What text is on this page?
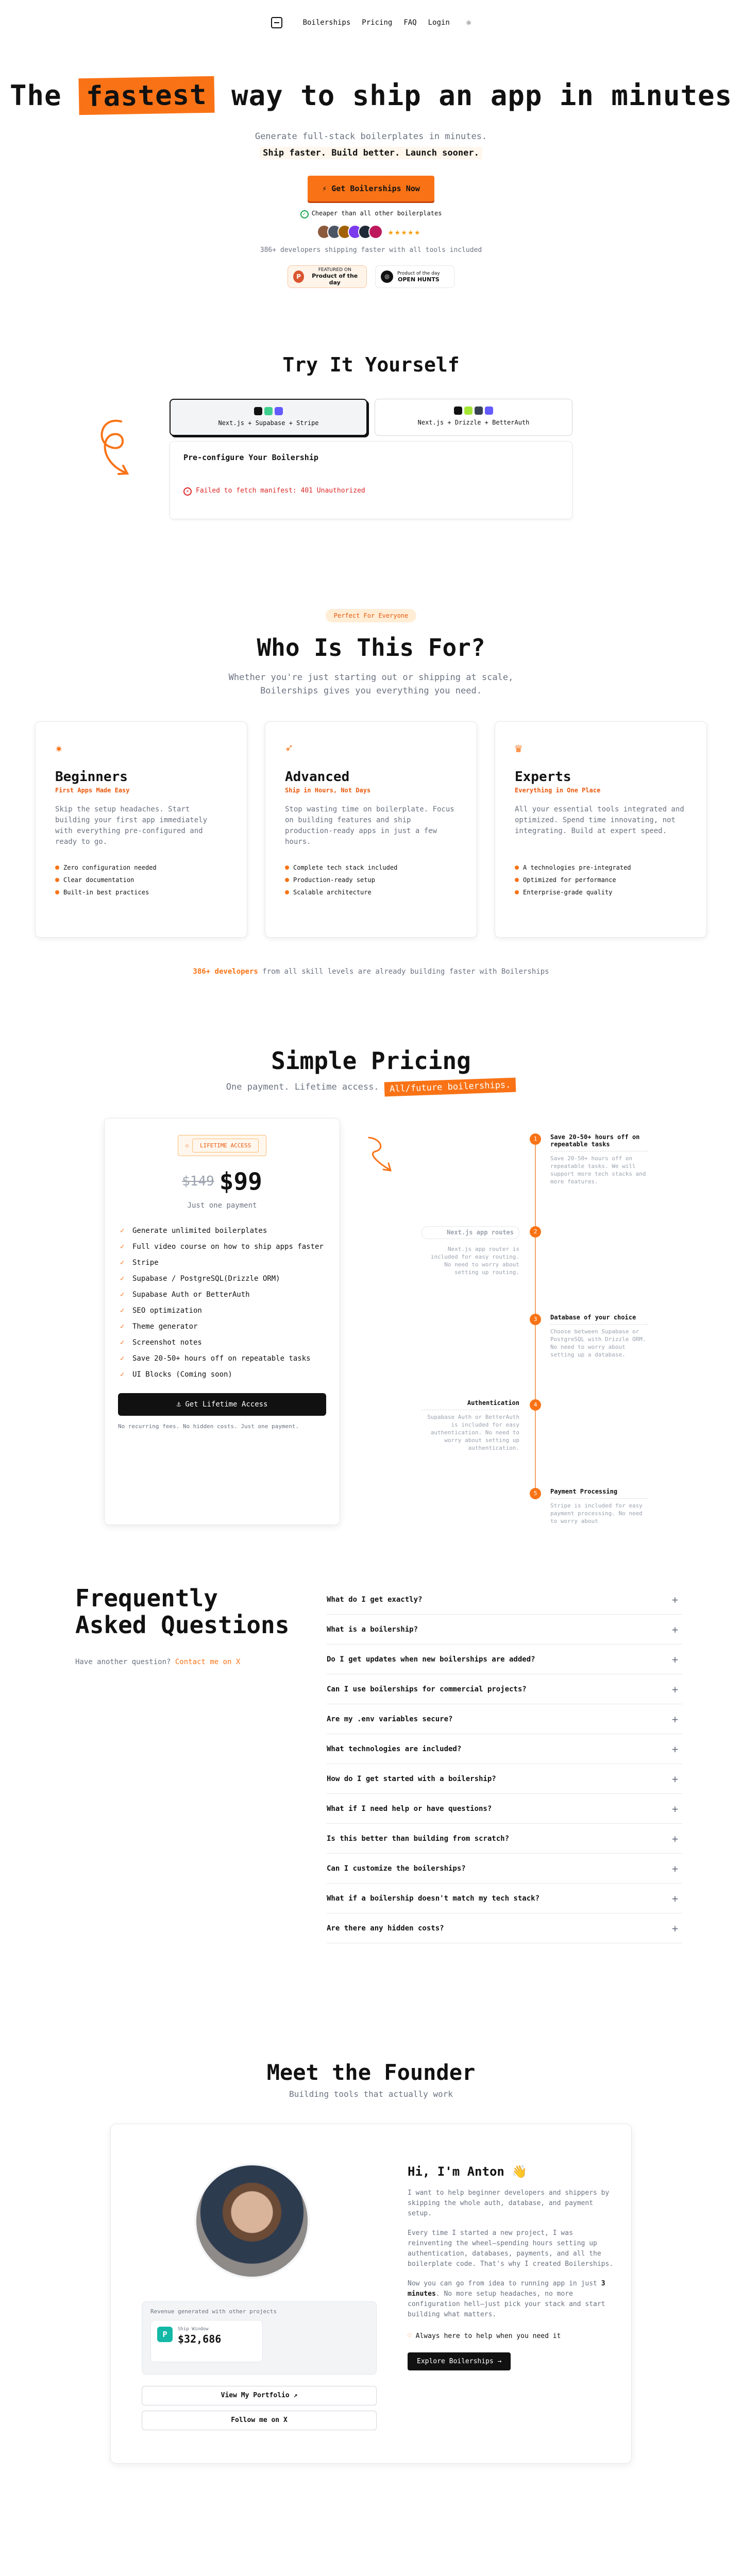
Boilerships Pricing FAQ Login ☼
The fastest way to ship an app in minutes
Generate full-stack boilerplates in minutes.
Ship faster. Build better. Launch sooner.
⚡ Get Boilerships Now
✓ Cheaper than all other boilerplates
★★★★★
386+ developers shipping faster with all tools included
P
FEATURED ON
Product of the day
◎	Product of the day
OPEN HUNTS
Try It Yourself
Next.js + Supabase + Stripe	Next.js + Drizzle + BetterAuth
Pre-configure Your Boilership
✕ Failed to fetch manifest: 401 Unauthorized
Perfect For Everyone
Who Is This For?
Whether you're just starting out or shipping at scale,
Boilerships gives you everything you need.
✷
Beginners
First Apps Made Easy
Skip the setup headaches. Start building your first app immediately with everything pre-configured and ready to go.
Zero configuration needed
Clear documentation
Built-in best practices
➶
Advanced
Ship in Hours, Not Days
Stop wasting time on boilerplate. Focus on building features and ship production-ready apps in just a few hours.
Complete tech stack included
Production-ready setup
Scalable architecture
♛
Experts
Everything in One Place
All your essential tools integrated and optimized. Spend time innovating, not integrating. Build at expert speed.
A technologies pre-integrated
Optimized for performance
Enterprise-grade quality
386+ developers from all skill levels are already building faster with Boilerships
Simple Pricing
One payment. Lifetime access. All/future boilerships.
⚇ LIFETIME ACCESS
$149 $99
Just one payment
✓ Generate unlimited boilerplates
✓ Full video course on how to ship apps faster
✓ Stripe
✓ Supabase / PostgreSQL(Drizzle ORM)
✓ Supabase Auth or BetterAuth
✓ SEO optimization
✓ Theme generator
✓ Screenshot notes
✓ Save 20-50+ hours off on repeatable tasks
✓ UI Blocks (Coming soon)
⚓ Get Lifetime Access
No recurring fees. No hidden costs. Just one payment.
1	Save 20-50+ hours off on repeatable tasks
Save 20-50+ hours off on repeatable tasks. We will support more tech stacks and more features.
2
Next.js app routes
Next.js app router is included for easy routing. No need to worry about setting up routing.
3	Database of your choice
Choose between Supabase or PostgreSQL with Drizzle ORM. No need to worry about setting up a database.
4
Authentication
Supabase Auth or BetterAuth is included for easy authentication. No need to worry about setting up authentication.
5	Payment Processing
Stripe is included for easy payment processing. No need to worry about
Frequently
Asked Questions
Have another question? Contact me on X
What do I get exactly?	+
What is a boilership?	+
Do I get updates when new boilerships are added?	+
Can I use boilerships for commercial projects?	+
Are my .env variables secure?	+
What technologies are included?	+
How do I get started with a boilership?	+
What if I need help or have questions?	+
Is this better than building from scratch?	+
Can I customize the boilerships?	+
What if a boilership doesn't match my tech stack?	+
Are there any hidden costs?	+
Meet the Founder
Building tools that actually work
Revenue generated with other projects
P
Ship Window
$32,686
View My Portfolio ↗
Follow me on X
Hi, I'm Anton 👋

I want to help beginner developers and shippers by skipping the whole auth, database, and payment setup.

Every time I started a new project, I was reinventing the wheel—spending hours setting up authentication, databases, payments, and all the boilerplate code. That's why I created Boilerships.

Now you can go from idea to running app in just 3 minutes. No more setup headaches, no more configuration hell—just pick your stack and start building what matters.

♡ Always here to help when you need it
Explore Boilerships →
